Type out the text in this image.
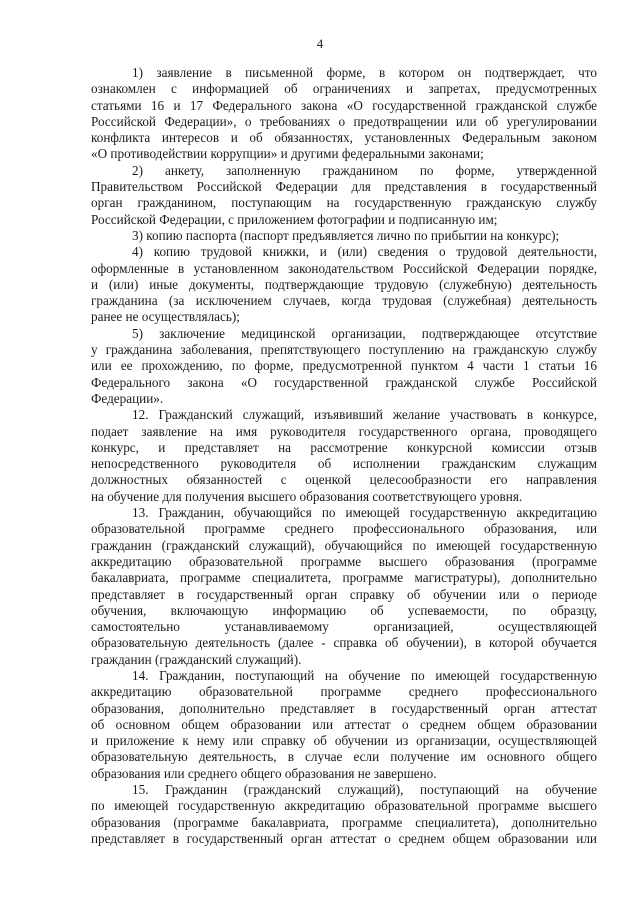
4
1) заявление в письменной форме, в котором он подтверждает, что
ознакомлен с информацией об ограничениях и запретах, предусмотренных
статьями 16 и 17 Федерального закона «О государственной гражданской службе
Российской Федерации», о требованиях о предотвращении или об урегулировании
конфликта интересов и об обязанностях, установленных Федеральным законом
«О противодействии коррупции» и другими федеральными законами;
2) анкету, заполненную гражданином по форме, утвержденной
Правительством Российской Федерации для представления в государственный
орган гражданином, поступающим на государственную гражданскую службу
Российской Федерации, с приложением фотографии и подписанную им;
3) копию паспорта (паспорт предъявляется лично по прибытии на конкурс);
4) копию трудовой книжки, и (или) сведения о трудовой деятельности,
оформленные в установленном законодательством Российской Федерации порядке,
и (или) иные документы, подтверждающие трудовую (служебную) деятельность
гражданина (за исключением случаев, когда трудовая (служебная) деятельность
ранее не осуществлялась);
5) заключение медицинской организации, подтверждающее отсутствие
у гражданина заболевания, препятствующего поступлению на гражданскую службу
или ее прохождению, по форме, предусмотренной пунктом 4 части 1 статьи 16
Федерального закона «О государственной гражданской службе Российской
Федерации».
12. Гражданский служащий, изъявивший желание участвовать в конкурсе,
подает заявление на имя руководителя государственного органа, проводящего
конкурс, и представляет на рассмотрение конкурсной комиссии отзыв
непосредственного руководителя об исполнении гражданским служащим
должностных обязанностей с оценкой целесообразности его направления
на обучение для получения высшего образования соответствующего уровня.
13. Гражданин, обучающийся по имеющей государственную аккредитацию
образовательной программе среднего профессионального образования, или
гражданин (гражданский служащий), обучающийся по имеющей государственную
аккредитацию образовательной программе высшего образования (программе
бакалавриата, программе специалитета, программе магистратуры), дополнительно
представляет в государственный орган справку об обучении или о периоде
обучения, включающую информацию об успеваемости, по образцу,
самостоятельно устанавливаемому организацией, осуществляющей
образовательную деятельность (далее - справка об обучении), в которой обучается
гражданин (гражданский служащий).
14. Гражданин, поступающий на обучение по имеющей государственную
аккредитацию образовательной программе среднего профессионального
образования, дополнительно представляет в государственный орган аттестат
об основном общем образовании или аттестат о среднем общем образовании
и приложение к нему или справку об обучении из организации, осуществляющей
образовательную деятельность, в случае если получение им основного общего
образования или среднего общего образования не завершено.
15. Гражданин (гражданский служащий), поступающий на обучение
по имеющей государственную аккредитацию образовательной программе высшего
образования (программе бакалавриата, программе специалитета), дополнительно
представляет в государственный орган аттестат о среднем общем образовании или
